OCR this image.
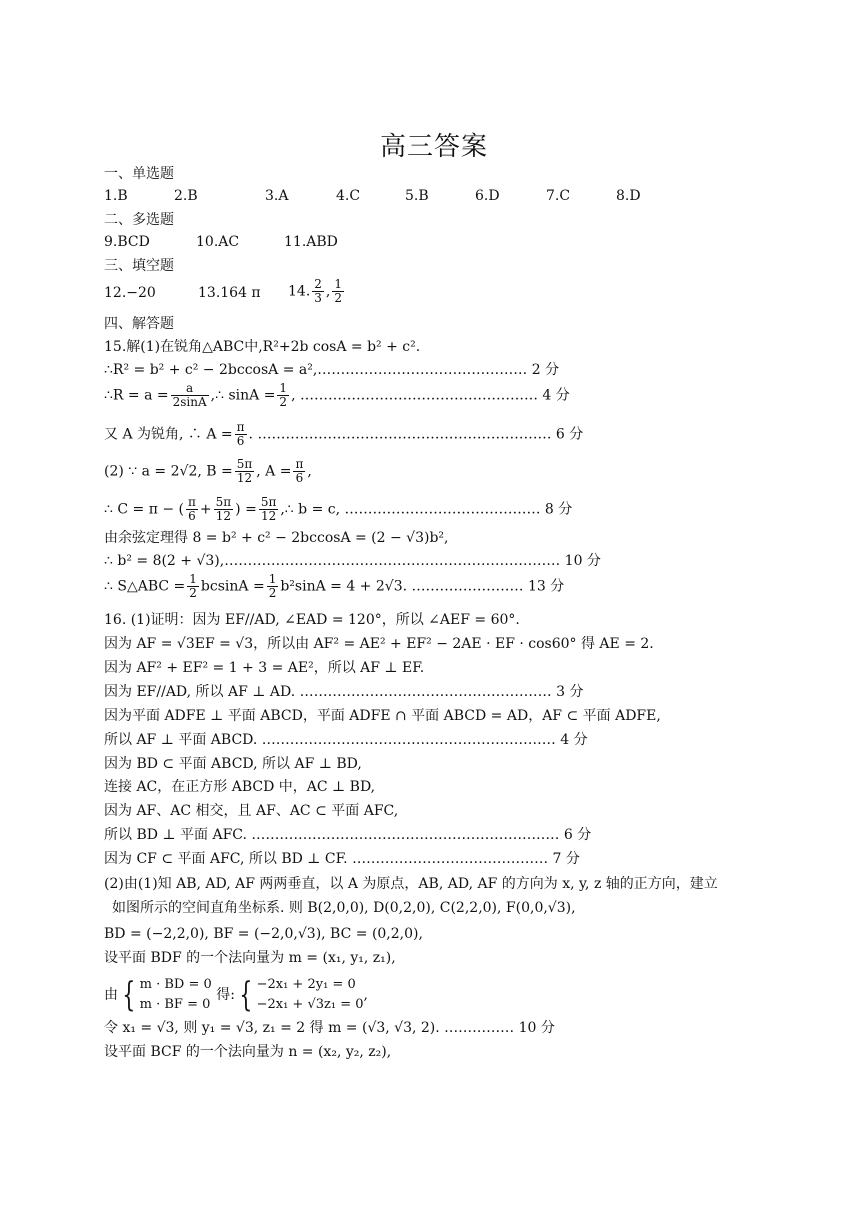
高三答案
一、单选题
1.B	2.B	3.A	4.C	5.B	6.D	7.C	8.D
二、多选题
9.BCD	10.AC	11.ABD
三、填空题
12.−20	13.164 π 14. $\frac{2}{3}$ , $\frac{1}{2}$
四、解答题
15.解(1)在锐角△ABC中,R²+2b cosA = b² + c².
∴R² = b² + c² − 2bccosA = a²,……………………………………… 2 分
∴R = $a = \frac{a}{2\sin A}$ ,∴ $\sin A = \frac{1}{2}$ , …………………………………………… 4 分
又 A 为锐角, ∴ $A = \frac{\pi}{6}$ . ……………………………………………………… 6 分
(2) ∵ a = 2√2, $B = \frac{5\pi}{12}$ , $A = \frac{\pi}{6}$ ,
∴ C = π − ( $\frac{\pi}{6} + \frac{5\pi}{12}$ ) = $\frac{5\pi}{12}$ ,∴ b = c, …………………………………… 8 分
由余弦定理得 8 = b² + c² − 2bccosA = (2 − √3)b²,
∴ b² = 8(2 + √3),……………………………………………………………… 10 分
∴ S△ABC = $\frac{1}{2}$ $bcsinA = \frac{1}{2} b^2\sin A = 4 + 2√3$. …………………… 13 分
16. (1)证明：因为 EF//AD, ∠EAD = 120°，所以 ∠AEF = 60°.
因为 AF = √3EF = √3，所以由 AF² = AE² + EF² − 2AE · EF · cos60° 得 AE = 2.
因为 AF² + EF² = 1 + 3 = AE²，所以 AF ⊥ EF.
因为 EF//AD, 所以 AF ⊥ AD. ……………………………………………… 3 分
因为平面 ADFE ⊥ 平面 ABCD，平面 ADFE ∩ 平面 ABCD = AD，AF ⊂ 平面 ADFE,
所以 AF ⊥ 平面 ABCD. ……………………………………………………… 4 分
因为 BD ⊂ 平面 ABCD, 所以 AF ⊥ BD,
连接 AC，在正方形 ABCD 中，AC ⊥ BD,
因为 AF、AC 相交，且 AF、AC ⊂ 平面 AFC,
所以 BD ⊥ 平面 AFC. ………………………………………………………… 6 分
因为 CF ⊂ 平面 AFC, 所以 BD ⊥ CF. …………………………………… 7 分
(2)由(1)知 AB, AD, AF 两两垂直，以 A 为原点，AB, AD, AF 的方向为 x, y, z 轴的正方向，建立
如图所示的空间直角坐标系. 则 B(2,0,0), D(0,2,0), C(2,2,0), F(0,0,√3),
BD = (−2,2,0), BF = (−2,0,√3), BC = (0,2,0),
设平面 BDF 的一个法向量为 m = (x₁, y₁, z₁),
由 { m · BD = 0
m · BF = 0
得: { −2x₁ + 2y₁ = 0
−2x₁ + √3z₁ = 0
,
令 x₁ = √3, 则 y₁ = √3, z₁ = 2 得 m = (√3, √3, 2). …………… 10 分
设平面 BCF 的一个法向量为 n = (x₂, y₂, z₂),
